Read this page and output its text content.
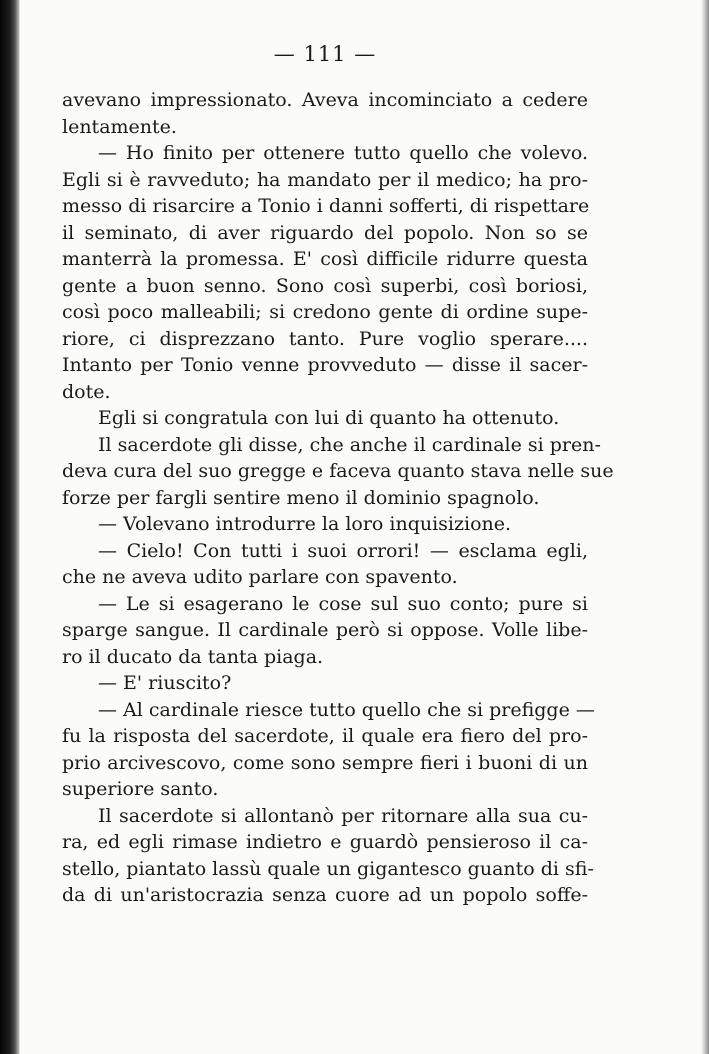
— 111 —
avevano impressionato. Aveva incominciato a cedere
lentamente.
— Ho finito per ottenere tutto quello che volevo.
Egli si è ravveduto; ha mandato per il medico; ha pro-
messo di risarcire a Tonio i danni sofferti, di rispettare
il seminato, di aver riguardo del popolo. Non so se
manterrà la promessa. E' così difficile ridurre questa
gente a buon senno. Sono così superbi, così boriosi,
così poco malleabili; si credono gente di ordine supe-
riore, ci disprezzano tanto. Pure voglio sperare....
Intanto per Tonio venne provveduto — disse il sacer-
dote.
Egli si congratula con lui di quanto ha ottenuto.
Il sacerdote gli disse, che anche il cardinale si pren-
deva cura del suo gregge e faceva quanto stava nelle sue
forze per fargli sentire meno il dominio spagnolo.
— Volevano introdurre la loro inquisizione.
— Cielo! Con tutti i suoi orrori! — esclama egli,
che ne aveva udito parlare con spavento.
— Le si esagerano le cose sul suo conto; pure si
sparge sangue. Il cardinale però si oppose. Volle libe-
ro il ducato da tanta piaga.
— E' riuscito?
— Al cardinale riesce tutto quello che si prefigge —
fu la risposta del sacerdote, il quale era fiero del pro-
prio arcivescovo, come sono sempre fieri i buoni di un
superiore santo.
Il sacerdote si allontanò per ritornare alla sua cu-
ra, ed egli rimase indietro e guardò pensieroso il ca-
stello, piantato lassù quale un gigantesco guanto di sfi-
da di un'aristocrazia senza cuore ad un popolo soffe-
